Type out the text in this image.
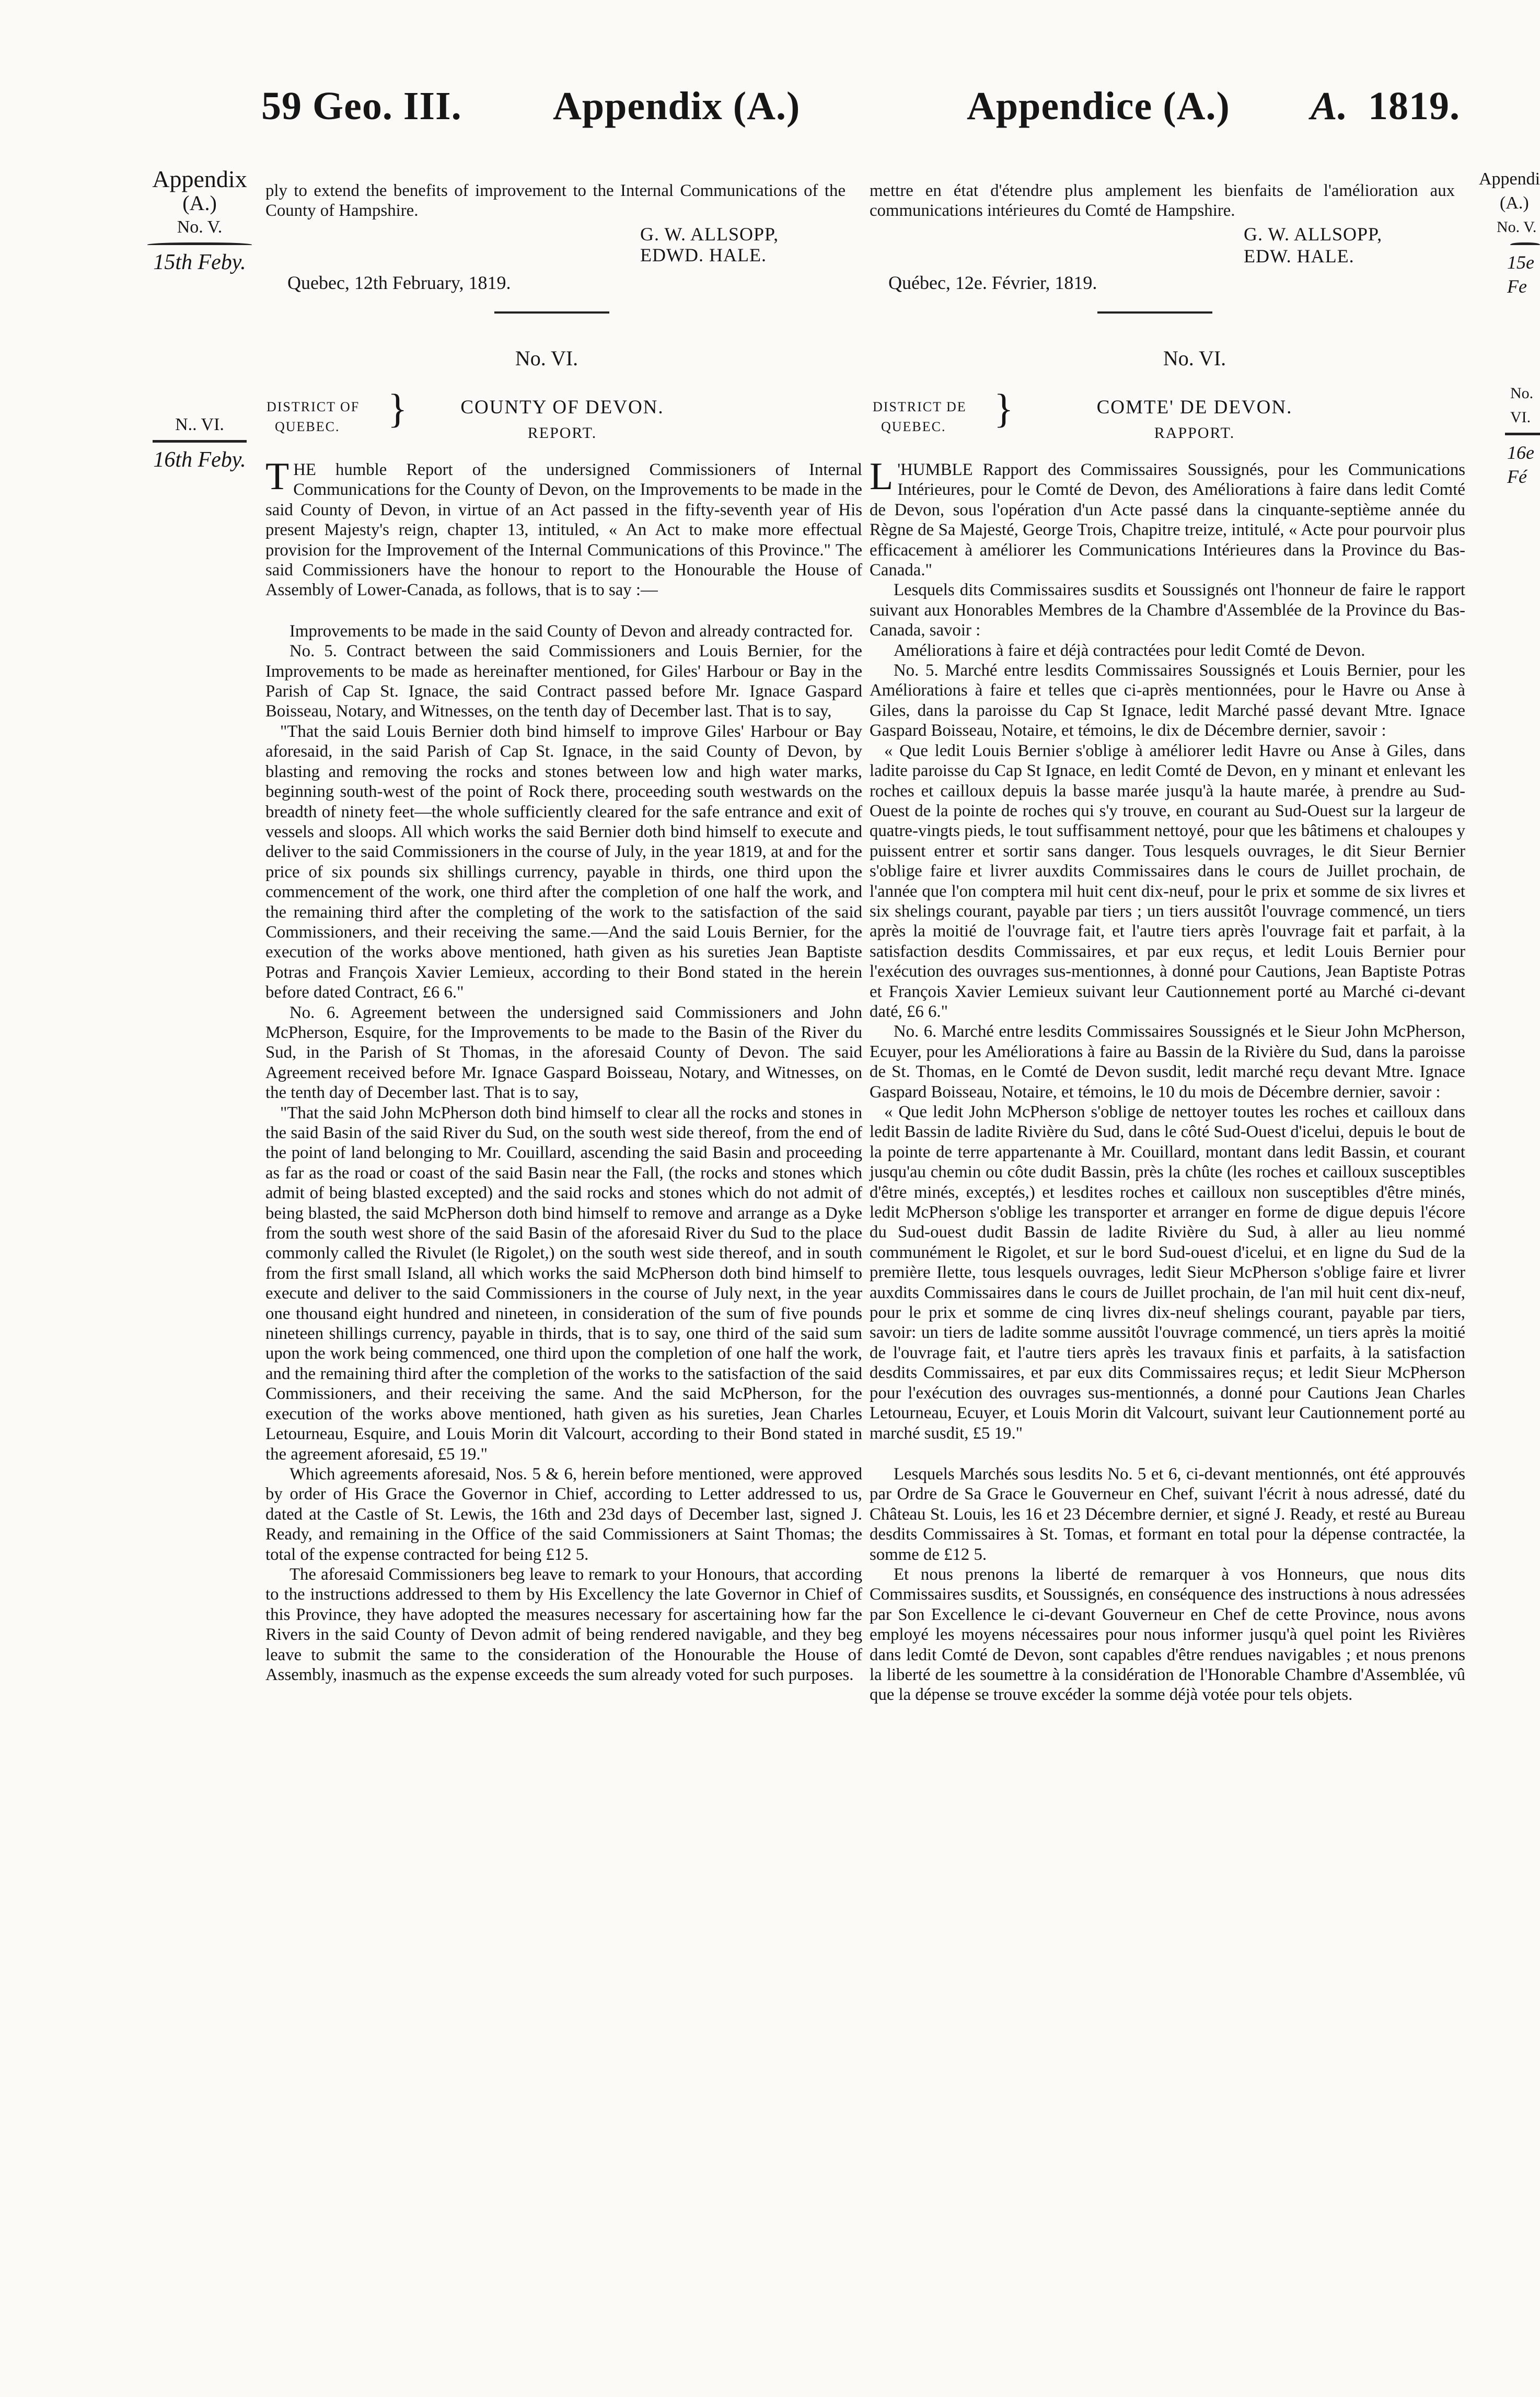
59 Geo. III. Appendix (A.)	Appendice (A.) A. 1819.
Appendix
(A.)
No. V.
15th Feby.
N.. VI.
16th Feby.
Appendi
(A.)
No. V.
15e Fe
No. VI.
16e Fé

ply to extend the benefits of improvement to the Internal Communications of the County of Hampshire.

G. W. ALLSOPP,
EDWD. HALE.
Quebec, 12th February, 1819.

mettre en état d'étendre plus amplement les bienfaits de l'amélioration aux communications intérieures du Comté de Hampshire.

G. W. ALLSOPP,
EDW. HALE.
Québec, 12e. Février, 1819.
No. VI.
DISTRICT OF
QUEBEC.	}	COUNTY OF DEVON.
REPORT.
No. VI.
DISTRICT DE
QUEBEC.	}	COMTE' DE DEVON.
RAPPORT.

THE humble Report of the undersigned Commissioners of Internal Communications for the County of Devon, on the Improvements to be made in the said County of Devon, in virtue of an Act passed in the fifty-seventh year of His present Majesty's reign, chapter 13, intituled, « An Act to make more effectual provision for the Improvement of the Internal Communications of this Province." The said Commissioners have the honour to report to the Honourable the House of Assembly of Lower-Canada, as follows, that is to say :—

Improvements to be made in the said County of Devon and already contracted for.

No. 5. Contract between the said Commissioners and Louis Bernier, for the Improvements to be made as hereinafter mentioned, for Giles' Harbour or Bay in the Parish of Cap St. Ignace, the said Contract passed before Mr. Ignace Gaspard Boisseau, Notary, and Witnesses, on the tenth day of December last. That is to say,

"That the said Louis Bernier doth bind himself to improve Giles' Harbour or Bay aforesaid, in the said Parish of Cap St. Ignace, in the said County of Devon, by blasting and removing the rocks and stones between low and high water marks, beginning south-west of the point of Rock there, proceeding south westwards on the breadth of ninety feet—the whole sufficiently cleared for the safe entrance and exit of vessels and sloops. All which works the said Bernier doth bind himself to execute and deliver to the said Commissioners in the course of July, in the year 1819, at and for the price of six pounds six shillings currency, payable in thirds, one third upon the commencement of the work, one third after the completion of one half the work, and the remaining third after the completing of the work to the satisfaction of the said Commissioners, and their receiving the same.—And the said Louis Bernier, for the execution of the works above mentioned, hath given as his sureties Jean Baptiste Potras and François Xavier Lemieux, according to their Bond stated in the herein before dated Contract, £6 6."

No. 6. Agreement between the undersigned said Commissioners and John McPherson, Esquire, for the Improvements to be made to the Basin of the River du Sud, in the Parish of St Thomas, in the aforesaid County of Devon. The said Agreement received before Mr. Ignace Gaspard Boisseau, Notary, and Witnesses, on the tenth day of December last. That is to say,

"That the said John McPherson doth bind himself to clear all the rocks and stones in the said Basin of the said River du Sud, on the south west side thereof, from the end of the point of land belonging to Mr. Couillard, ascending the said Basin and proceeding as far as the road or coast of the said Basin near the Fall, (the rocks and stones which admit of being blasted excepted) and the said rocks and stones which do not admit of being blasted, the said McPherson doth bind himself to remove and arrange as a Dyke from the south west shore of the said Basin of the aforesaid River du Sud to the place commonly called the Rivulet (le Rigolet,) on the south west side thereof, and in south from the first small Island, all which works the said McPherson doth bind himself to execute and deliver to the said Commissioners in the course of July next, in the year one thousand eight hundred and nineteen, in consideration of the sum of five pounds nineteen shillings currency, payable in thirds, that is to say, one third of the said sum upon the work being commenced, one third upon the completion of one half the work, and the remaining third after the completion of the works to the satisfaction of the said Commissioners, and their receiving the same. And the said McPherson, for the execution of the works above mentioned, hath given as his sureties, Jean Charles Letourneau, Esquire, and Louis Morin dit Valcourt, according to their Bond stated in the agreement aforesaid, £5 19."

Which agreements aforesaid, Nos. 5 & 6, herein before mentioned, were approved by order of His Grace the Governor in Chief, according to Letter addressed to us, dated at the Castle of St. Lewis, the 16th and 23d days of December last, signed J. Ready, and remaining in the Office of the said Commissioners at Saint Thomas; the total of the expense contracted for being £12 5.

The aforesaid Commissioners beg leave to remark to your Honours, that according to the instructions addressed to them by His Excellency the late Governor in Chief of this Province, they have adopted the measures necessary for ascertaining how far the Rivers in the said County of Devon admit of being rendered navigable, and they beg leave to submit the same to the consideration of the Honourable the House of Assembly, inasmuch as the expense exceeds the sum already voted for such purposes.

L 'HUMBLE Rapport des Commissaires Soussignés, pour les Communications Intérieures, pour le Comté de Devon, des Améliorations à faire dans ledit Comté de Devon, sous l'opération d'un Acte passé dans la cinquante-septième année du Règne de Sa Majesté, George Trois, Chapitre treize, intitulé, « Acte pour pourvoir plus efficacement à améliorer les Communications Intérieures dans la Province du Bas-Canada."

Lesquels dits Commissaires susdits et Soussignés ont l'honneur de faire le rapport suivant aux Honorables Membres de la Chambre d'Assemblée de la Province du Bas-Canada, savoir :

Améliorations à faire et déjà contractées pour ledit Comté de Devon.

No. 5. Marché entre lesdits Commissaires Soussignés et Louis Bernier, pour les Améliorations à faire et telles que ci-après mentionnées, pour le Havre ou Anse à Giles, dans la paroisse du Cap St Ignace, ledit Marché passé devant Mtre. Ignace Gaspard Boisseau, Notaire, et témoins, le dix de Décembre dernier, savoir :

« Que ledit Louis Bernier s'oblige à améliorer ledit Havre ou Anse à Giles, dans ladite paroisse du Cap St Ignace, en ledit Comté de Devon, en y minant et enlevant les roches et cailloux depuis la basse marée jusqu'à la haute marée, à prendre au Sud-Ouest de la pointe de roches qui s'y trouve, en courant au Sud-Ouest sur la largeur de quatre-vingts pieds, le tout suffisamment nettoyé, pour que les bâtimens et chaloupes y puissent entrer et sortir sans danger. Tous lesquels ouvrages, le dit Sieur Bernier s'oblige faire et livrer auxdits Commissaires dans le cours de Juillet prochain, de l'année que l'on comptera mil huit cent dix-neuf, pour le prix et somme de six livres et six shelings courant, payable par tiers ; un tiers aussitôt l'ouvrage commencé, un tiers après la moitié de l'ouvrage fait, et l'autre tiers après l'ouvrage fait et parfait, à la satisfaction desdits Commissaires, et par eux reçus, et ledit Louis Bernier pour l'exécution des ouvrages sus-mentionnes, à donné pour Cautions, Jean Baptiste Potras et François Xavier Lemieux suivant leur Cautionnement porté au Marché ci-devant daté, £6 6."

No. 6. Marché entre lesdits Commissaires Soussignés et le Sieur John McPherson, Ecuyer, pour les Améliorations à faire au Bassin de la Rivière du Sud, dans la paroisse de St. Thomas, en le Comté de Devon susdit, ledit marché reçu devant Mtre. Ignace Gaspard Boisseau, Notaire, et témoins, le 10 du mois de Décembre dernier, savoir :

« Que ledit John McPherson s'oblige de nettoyer toutes les roches et cailloux dans ledit Bassin de ladite Rivière du Sud, dans le côté Sud-Ouest d'icelui, depuis le bout de la pointe de terre appartenante à Mr. Couillard, montant dans ledit Bassin, et courant jusqu'au chemin ou côte dudit Bassin, près la chûte (les roches et cailloux susceptibles d'être minés, exceptés,) et lesdites roches et cailloux non susceptibles d'être minés, ledit McPherson s'oblige les transporter et arranger en forme de digue depuis l'écore du Sud-ouest dudit Bassin de ladite Rivière du Sud, à aller au lieu nommé communément le Rigolet, et sur le bord Sud-ouest d'icelui, et en ligne du Sud de la première Ilette, tous lesquels ouvrages, ledit Sieur McPherson s'oblige faire et livrer auxdits Commissaires dans le cours de Juillet prochain, de l'an mil huit cent dix-neuf, pour le prix et somme de cinq livres dix-neuf shelings courant, payable par tiers, savoir: un tiers de ladite somme aussitôt l'ouvrage commencé, un tiers après la moitié de l'ouvrage fait, et l'autre tiers après les travaux finis et parfaits, à la satisfaction desdits Commissaires, et par eux dits Commissaires reçus; et ledit Sieur McPherson pour l'exécution des ouvrages sus-mentionnés, a donné pour Cautions Jean Charles Letourneau, Ecuyer, et Louis Morin dit Valcourt, suivant leur Cautionnement porté au marché susdit, £5 19."

Lesquels Marchés sous lesdits No. 5 et 6, ci-devant mentionnés, ont été approuvés par Ordre de Sa Grace le Gouverneur en Chef, suivant l'écrit à nous adressé, daté du Château St. Louis, les 16 et 23 Décembre dernier, et signé J. Ready, et resté au Bureau desdits Commissaires à St. Tomas, et formant en total pour la dépense contractée, la somme de £12 5.

Et nous prenons la liberté de remarquer à vos Honneurs, que nous dits Commissaires susdits, et Soussignés, en conséquence des instructions à nous adressées par Son Excellence le ci-devant Gouverneur en Chef de cette Province, nous avons employé les moyens nécessaires pour nous informer jusqu'à quel point les Rivières dans ledit Comté de Devon, sont capables d'être rendues navigables ; et nous prenons la liberté de les soumettre à la considération de l'Honorable Chambre d'Assemblée, vû que la dépense se trouve excéder la somme déjà votée pour tels objets.
